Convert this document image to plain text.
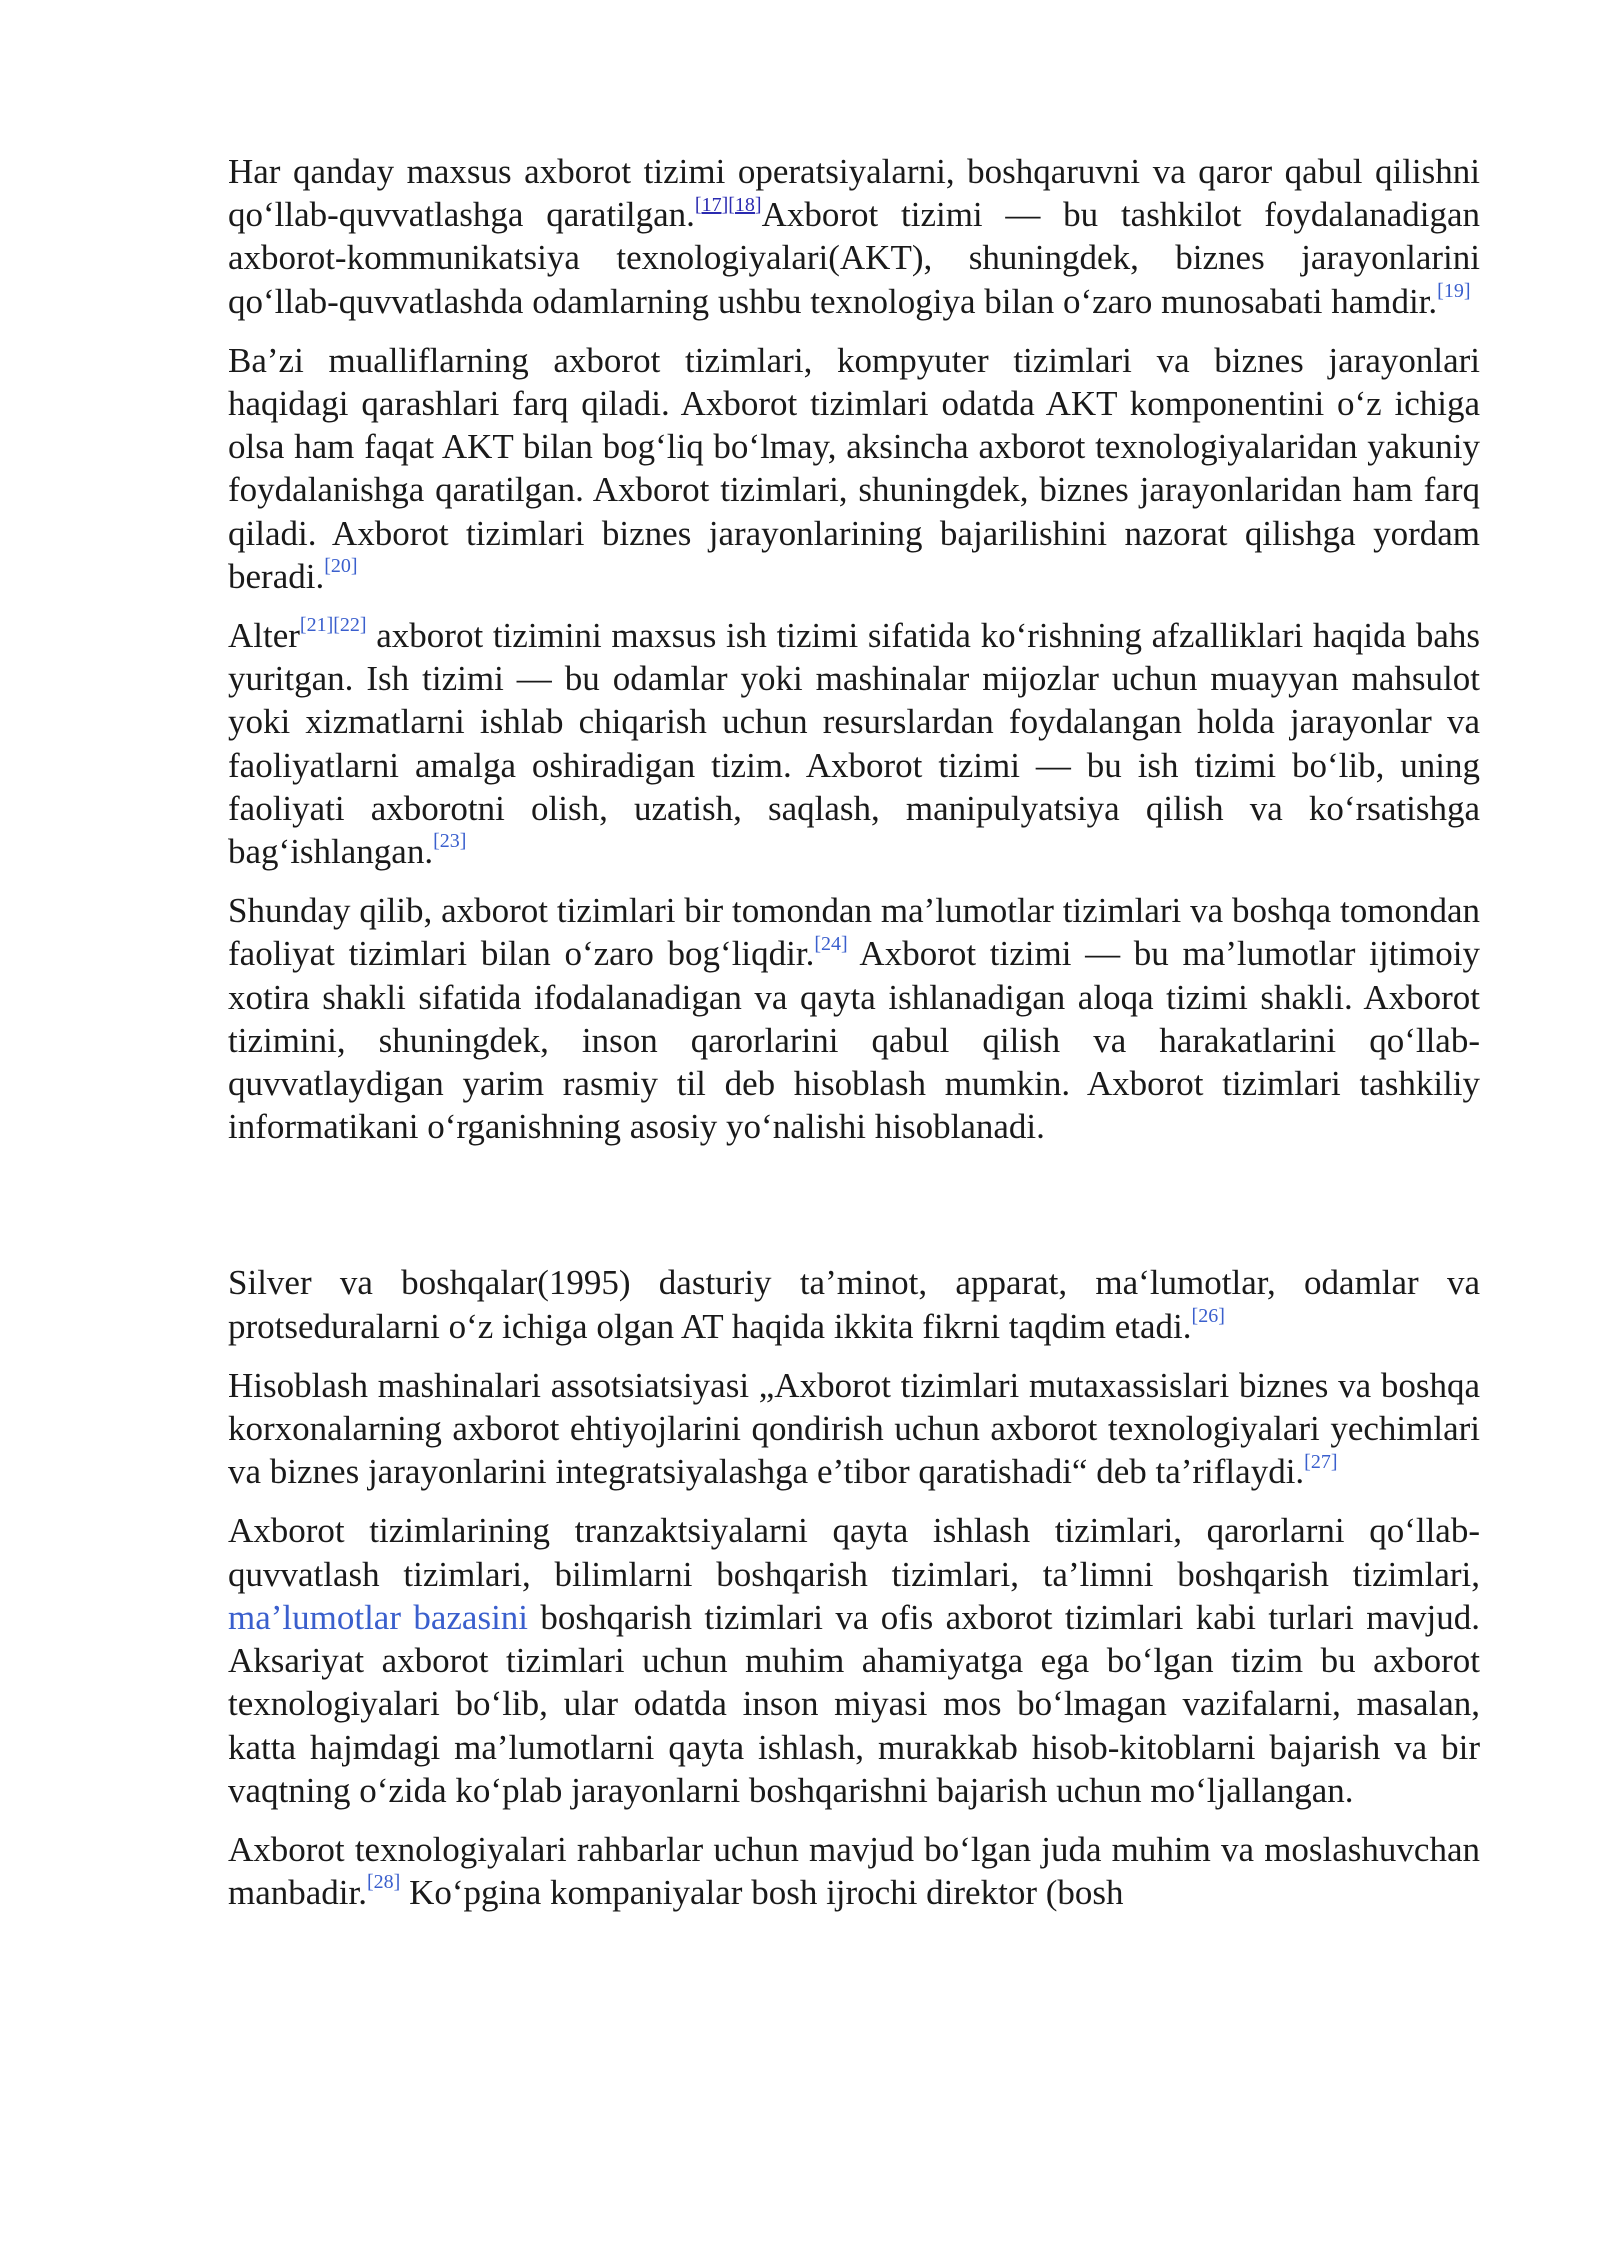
Har qanday maxsus axborot tizimi operatsiyalarni, boshqaruvni va qaror qabul qilishni qo‘llab-quvvatlashga qaratilgan.[17][18]Axborot tizimi — bu tashkilot foydalanadigan axborot-kommunikatsiya texnologiyalari(AKT), shuningdek, biznes jarayonlarini qo‘llab-quvvatlashda odamlarning ushbu texnologiya bilan o‘zaro munosabati hamdir.[19]

Ba’zi mualliflarning axborot tizimlari, kompyuter tizimlari va biznes jarayonlari haqidagi qarashlari farq qiladi. Axborot tizimlari odatda AKT komponentini o‘z ichiga olsa ham faqat AKT bilan bog‘liq bo‘lmay, aksincha axborot texnologiyalaridan yakuniy foydalanishga qaratilgan. Axborot tizimlari, shuningdek, biznes jarayonlaridan ham farq qiladi. Axborot tizimlari biznes jarayonlarining bajarilishini nazorat qilishga yordam beradi.[20]

Alter[21][22] axborot tizimini maxsus ish tizimi sifatida ko‘rishning afzalliklari haqida bahs yuritgan. Ish tizimi — bu odamlar yoki mashinalar mijozlar uchun muayyan mahsulot yoki xizmatlarni ishlab chiqarish uchun resurslardan foydalangan holda jarayonlar va faoliyatlarni amalga oshiradigan tizim. Axborot tizimi — bu ish tizimi bo‘lib, uning faoliyati axborotni olish, uzatish, saqlash, manipulyatsiya qilish va ko‘rsatishga bag‘ishlangan.[23]

Shunday qilib, axborot tizimlari bir tomondan ma’lumotlar tizimlari va boshqa tomondan faoliyat tizimlari bilan o‘zaro bog‘liqdir.[24] Axborot tizimi — bu ma’lumotlar ijtimoiy xotira shakli sifatida ifodalanadigan va qayta ishlanadigan aloqa tizimi shakli. Axborot tizimini, shuningdek, inson qarorlarini qabul qilish va harakatlarini qo‘llab-quvvatlaydigan yarim rasmiy til deb hisoblash mumkin. Axborot tizimlari tashkiliy informatikani o‘rganishning asosiy yo‘nalishi hisoblanadi.

Silver va boshqalar(1995) dasturiy ta’minot, apparat, ma‘lumotlar, odamlar va protseduralarni o‘z ichiga olgan AT haqida ikkita fikrni taqdim etadi.[26]

Hisoblash mashinalari assotsiatsiyasi „Axborot tizimlari mutaxassislari biznes va boshqa korxonalarning axborot ehtiyojlarini qondirish uchun axborot texnologiyalari yechimlari va biznes jarayonlarini integratsiyalashga e’tibor qaratishadi“ deb ta’riflaydi.[27]

Axborot tizimlarining tranzaktsiyalarni qayta ishlash tizimlari, qarorlarni qo‘llab-quvvatlash tizimlari, bilimlarni boshqarish tizimlari, ta’limni boshqarish tizimlari, ma’lumotlar bazasini boshqarish tizimlari va ofis axborot tizimlari kabi turlari mavjud. Aksariyat axborot tizimlari uchun muhim ahamiyatga ega bo‘lgan tizim bu axborot texnologiyalari bo‘lib, ular odatda inson miyasi mos bo‘lmagan vazifalarni, masalan, katta hajmdagi ma’lumotlarni qayta ishlash, murakkab hisob-kitoblarni bajarish va bir vaqtning o‘zida ko‘plab jarayonlarni boshqarishni bajarish uchun mo‘ljallangan.

Axborot texnologiyalari rahbarlar uchun mavjud bo‘lgan juda muhim va moslashuvchan manbadir.[28] Ko‘pgina kompaniyalar bosh ijrochi direktor (bosh
